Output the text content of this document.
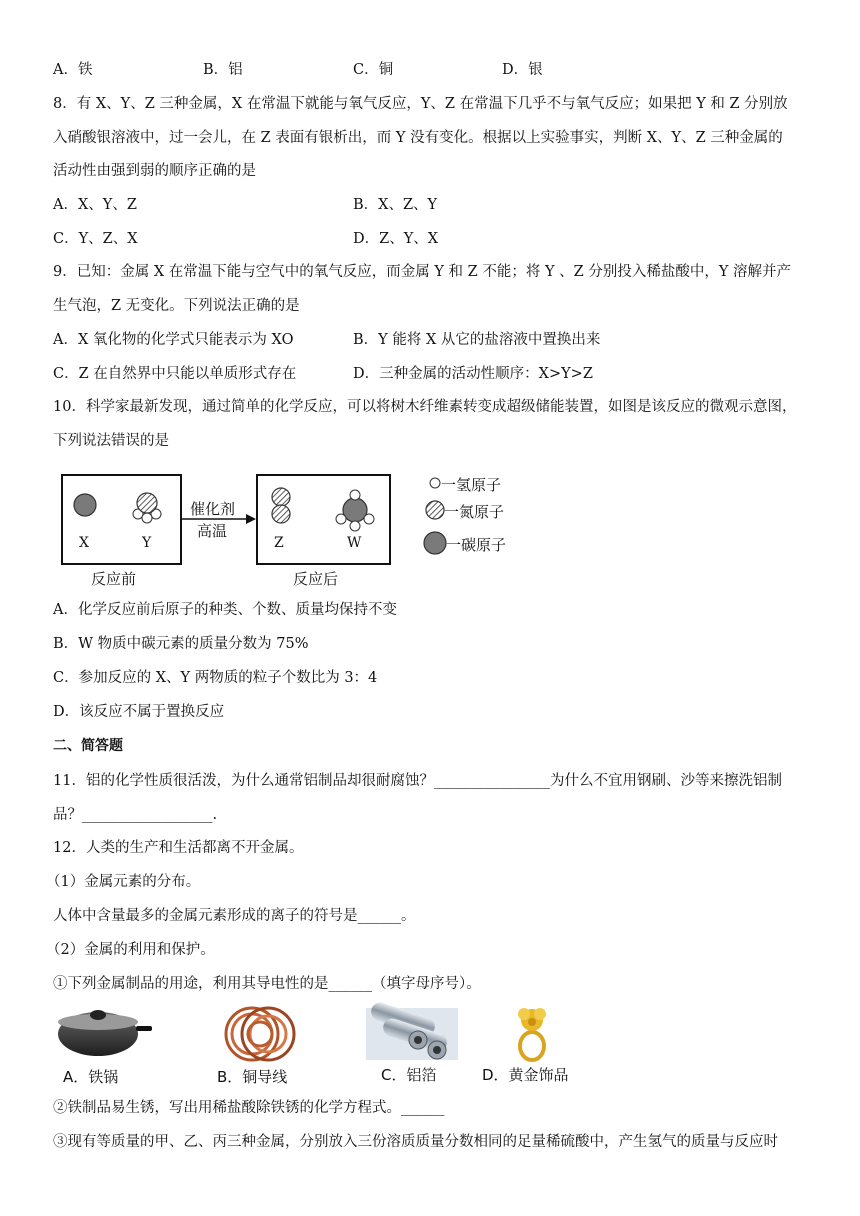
A．铁	B．铝	C．铜	D．银
8．有 X、Y、Z 三种金属，X 在常温下就能与氧气反应，Y、Z 在常温下几乎不与氧气反应；如果把 Y 和 Z 分别放
入硝酸银溶液中，过一会儿，在 Z 表面有银析出，而 Y 没有变化。根据以上实验事实，判断 X、Y、Z 三种金属的
活动性由强到弱的顺序正确的是
A．X、Y、Z	B．X、Z、Y
C．Y、Z、X	D．Z、Y、X
9．已知：金属 X 在常温下能与空气中的氧气反应，而金属 Y 和 Z 不能；将 Y 、Z 分别投入稀盐酸中，Y 溶解并产
生气泡，Z 无变化。下列说法正确的是
A．X 氧化物的化学式只能表示为 XO	B．Y 能将 X 从它的盐溶液中置换出来
C．Z 在自然界中只能以单质形式存在	D．三种金属的活动性顺序：X>Y>Z
10．科学家最新发现，通过简单的化学反应，可以将树木纤维素转变成超级储能装置，如图是该反应的微观示意图，
下列说法错误的是
X	Y	Z	W
催化剂
高温
反应前	反应后
一氢原子
一氮原子
一碳原子
A．化学反应前后原子的种类、个数、质量均保持不变
B．W 物质中碳元素的质量分数为 75%
C．参加反应的 X、Y 两物质的粒子个数比为 3：4
D．该反应不属于置换反应
二、简答题
11．铝的化学性质很活泼，为什么通常铝制品却很耐腐蚀？________________为什么不宜用钢刷、沙等来擦洗铝制
品？__________________.
12．人类的生产和生活都离不开金属。
（1）金属元素的分布。
人体中含量最多的金属元素形成的离子的符号是______。
（2）金属的利用和保护。
①下列金属制品的用途，利用其导电性的是______（填字母序号）。
A．铁锅	B．铜导线	C．铝箔	D．黄金饰品
②铁制品易生锈，写出用稀盐酸除铁锈的化学方程式。______
③现有等质量的甲、乙、丙三种金属，分别放入三份溶质质量分数相同的足量稀硫酸中，产生氢气的质量与反应时
